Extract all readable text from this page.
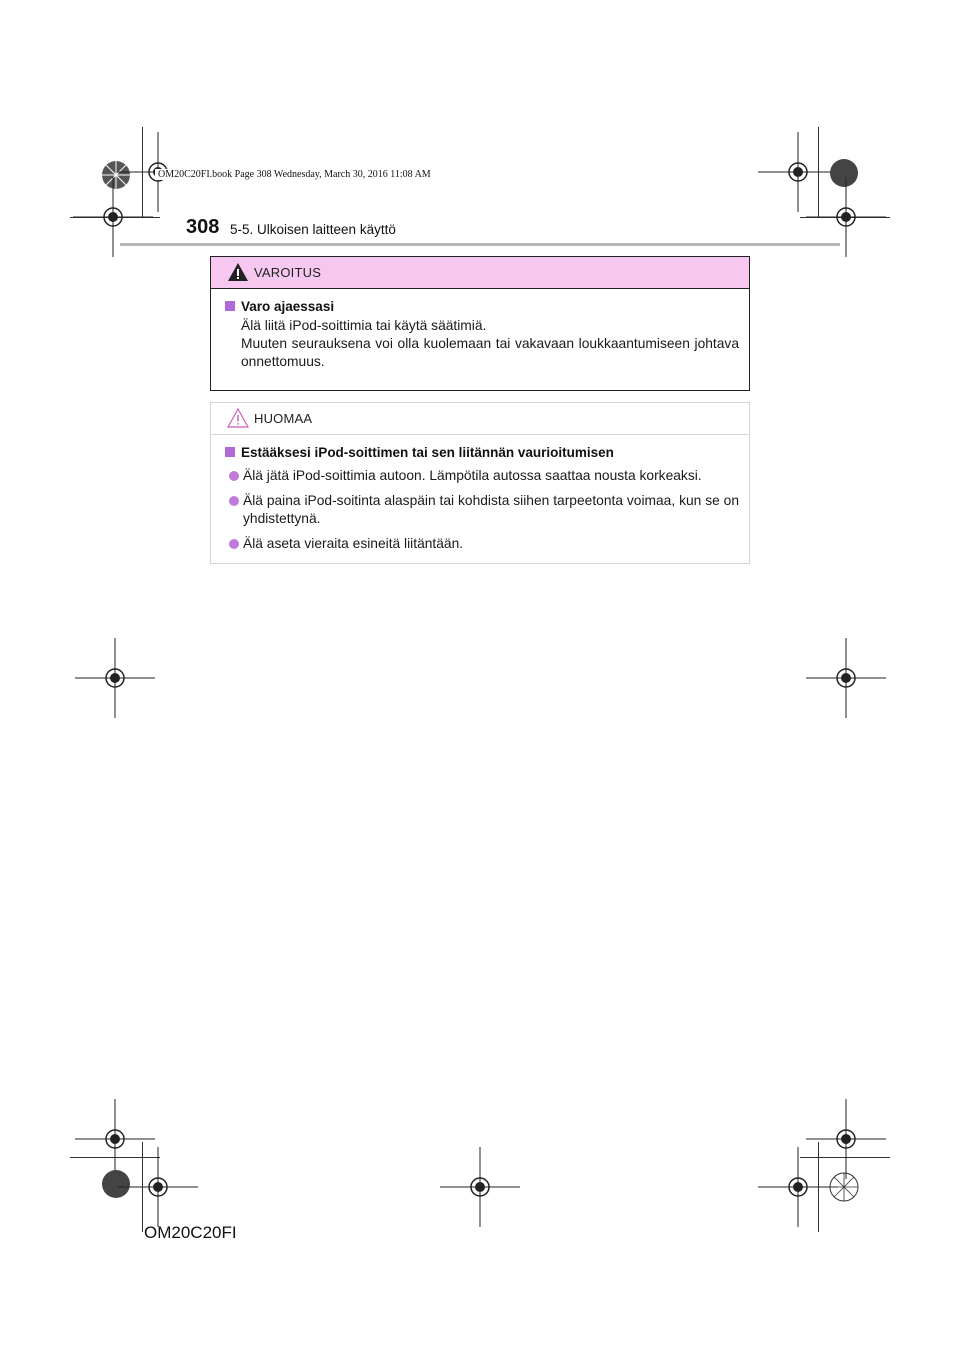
OM20C20FI.book Page 308 Wednesday, March 30, 2016 11:08 AM
308 5-5. Ulkoisen laitteen käyttö
VAROITUS
Varo ajaessasi
Älä liitä iPod-soittimia tai käytä säätimiä.
Muuten seurauksena voi olla kuolemaan tai vakavaan loukkaantumiseen johtava onnettomuus.
HUOMAA
Estääksesi iPod-soittimen tai sen liitännän vaurioitumisen
Älä jätä iPod-soittimia autoon. Lämpötila autossa saattaa nousta korkeaksi.
Älä paina iPod-soitinta alaspäin tai kohdista siihen tarpeetonta voimaa, kun se on yhdistettynä.
Älä aseta vieraita esineitä liitäntään.
OM20C20FI
